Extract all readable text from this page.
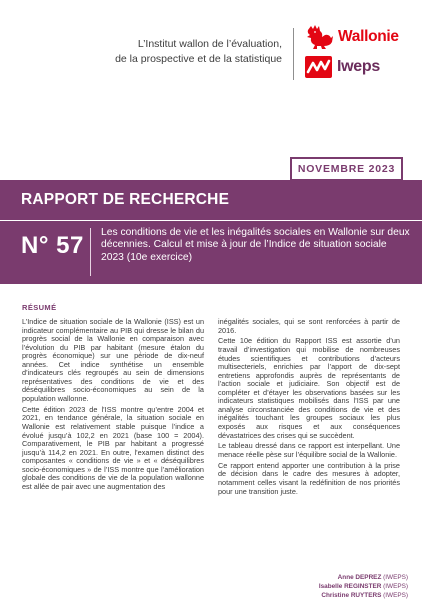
L’Institut wallon de l’évaluation,
de la prospective et de la statistique
Wallonie
Iweps
NOVEMBRE 2023
RAPPORT DE RECHERCHE
N° 57 Les conditions de vie et les inégalités sociales en Wallonie sur deux décennies. Calcul et mise à jour de l’Indice de situation sociale 2023 (10e exercice)
RÉSUMÉ

L’Indice de situation sociale de la Wallonie (ISS) est un indicateur complémentaire au PIB qui dresse le bilan du progrès social de la Wallonie en comparaison avec l’évolution du PIB par habitant (mesure étalon du progrès économique) sur une période de dix-neuf années. Cet indice synthétise un ensemble d’indicateurs clés regroupés au sein de dimensions représentatives des conditions de vie et des déséquilibres socio-économiques au sein de la population wallonne.

Cette édition 2023 de l’ISS montre qu’entre 2004 et 2021, en tendance générale, la situation sociale en Wallonie est relativement stable puisque l’indice a évolué jusqu’à 102,2 en 2021 (base 100 = 2004). Comparativement, le PIB par habitant a progressé jusqu’à 114,2 en 2021. En outre, l’examen distinct des composantes « conditions de vie » et « déséquilibres socio-économiques » de l’ISS montre que l’amélioration globale des conditions de vie de la population wallonne est allée de pair avec une augmentation des

inégalités sociales, qui se sont renforcées à partir de 2016.

Cette 10e édition du Rapport ISS est assortie d’un travail d’investigation qui mobilise de nombreuses études scientifiques et contributions d’acteurs multisecteriels, enrichies par l’apport de dix-sept entretiens approfondis auprès de représentants de l’action sociale et judiciaire. Son objectif est de compléter et d’étayer les observations basées sur les indicateurs statistiques mobilisés dans l’ISS par une analyse circonstanciée des conditions de vie et des inégalités touchant les groupes sociaux les plus exposés aux risques et aux conséquences dévastatrices des crises qui se succèdent.

Le tableau dressé dans ce rapport est interpellant. Une menace réelle pèse sur l’équilibre social de la Wallonie.

Ce rapport entend apporter une contribution à la prise de décision dans le cadre des mesures à adopter, notamment celles visant la redéfinition de nos priorités pour une transition juste.

Anne DEPREZ (IWEPS)
Isabelle REGINSTER (IWEPS)
Christine RUYTERS (IWEPS)
